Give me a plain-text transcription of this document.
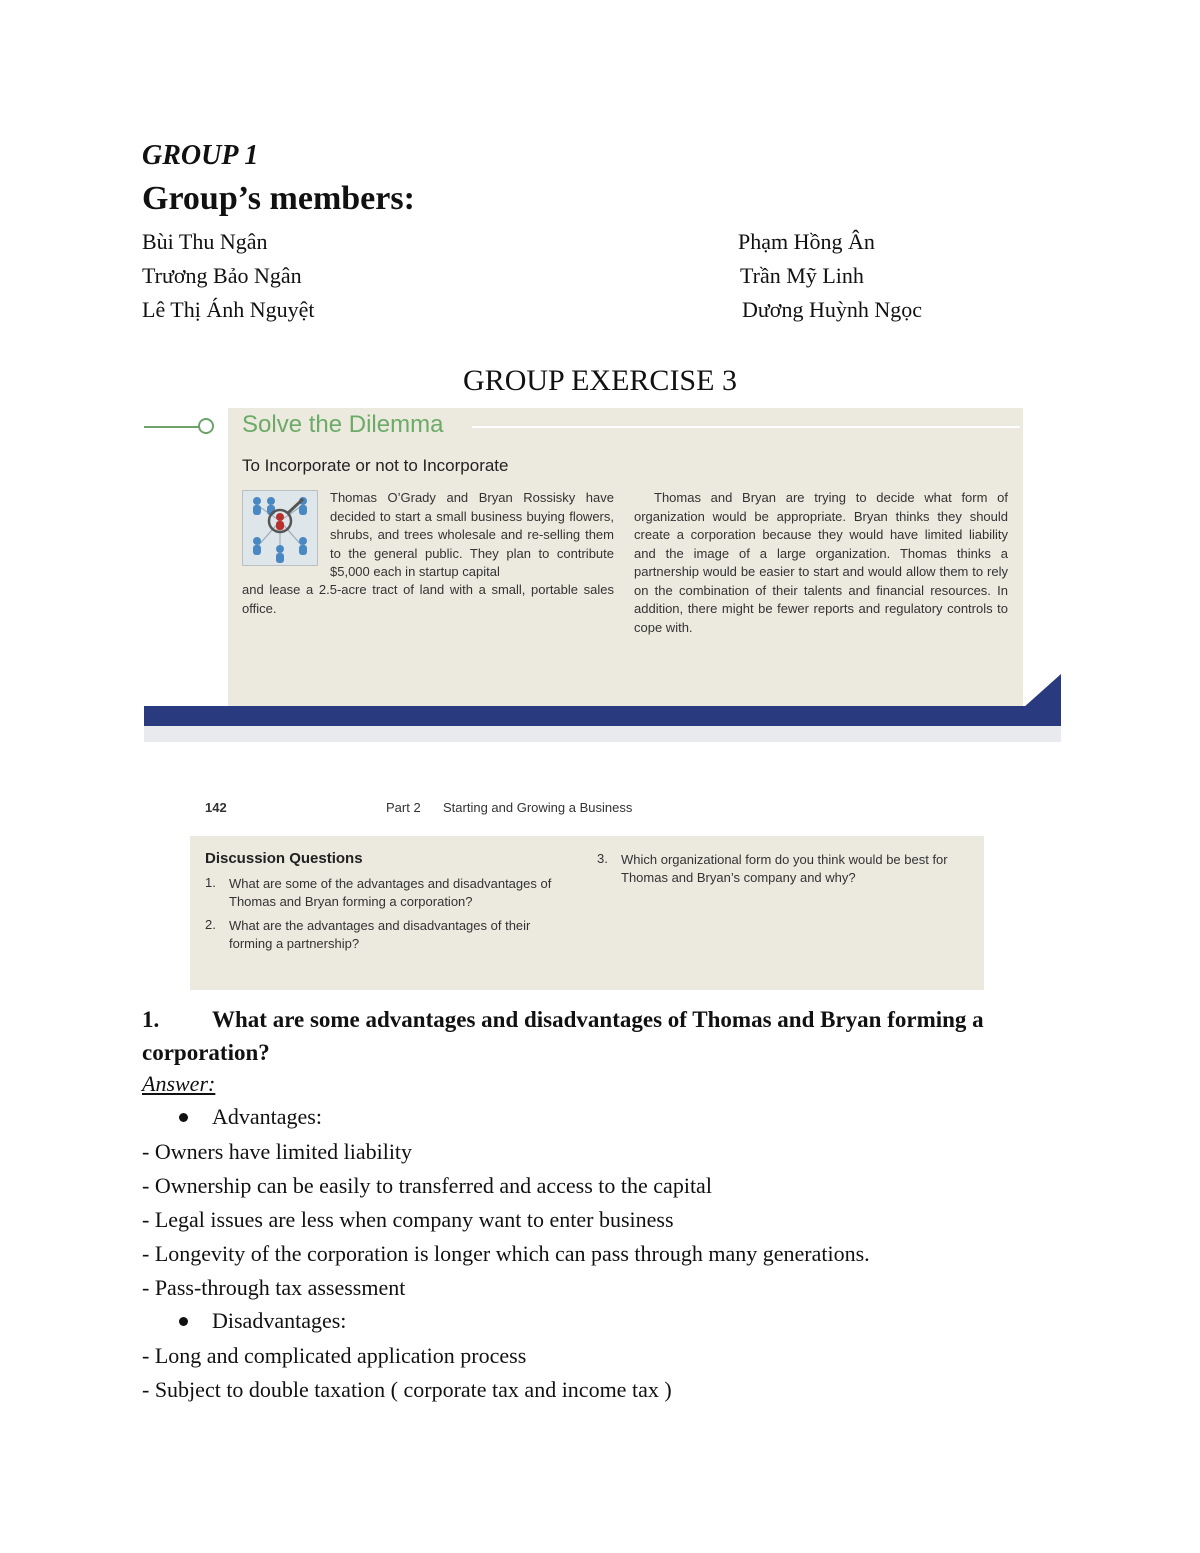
GROUP 1
Group’s members:
Bùi Thu Ngân
Trương Bảo Ngân
Lê Thị Ánh Nguyệt
Phạm Hồng Ân
Trần Mỹ Linh
Dương Huỳnh Ngọc
GROUP EXERCISE 3
Solve the Dilemma
To Incorporate or not to Incorporate
Thomas O’Grady and Bryan Rossisky have decided to start a small business buying flowers, shrubs, and trees wholesale and re-selling them to the general public. They plan to contribute $5,000 each in startup capital
and lease a 2.5-acre tract of land with a small, portable sales office.
Thomas and Bryan are trying to decide what form of organization would be appropriate. Bryan thinks they should create a corporation because they would have limited liability and the image of a large organization. Thomas thinks a partnership would be easier to start and would allow them to rely on the combination of their talents and financial resources. In addition, there might be fewer reports and regulatory controls to cope with.
142	Part 2 Starting and Growing a Business
Discussion Questions
1. What are some of the advantages and disadvantages of Thomas and Bryan forming a corporation?
2. What are the advantages and disadvantages of their forming a partnership?
3. Which organizational form do you think would be best for Thomas and Bryan’s company and why?
1. What are some advantages and disadvantages of Thomas and Bryan forming a corporation?
Answer:
Advantages:
- Owners have limited liability
- Ownership can be easily to transferred and access to the capital
- Legal issues are less when company want to enter business
- Longevity of the corporation is longer which can pass through many generations.
- Pass-through tax assessment
Disadvantages:
- Long and complicated application process
- Subject to double taxation ( corporate tax and income tax )
